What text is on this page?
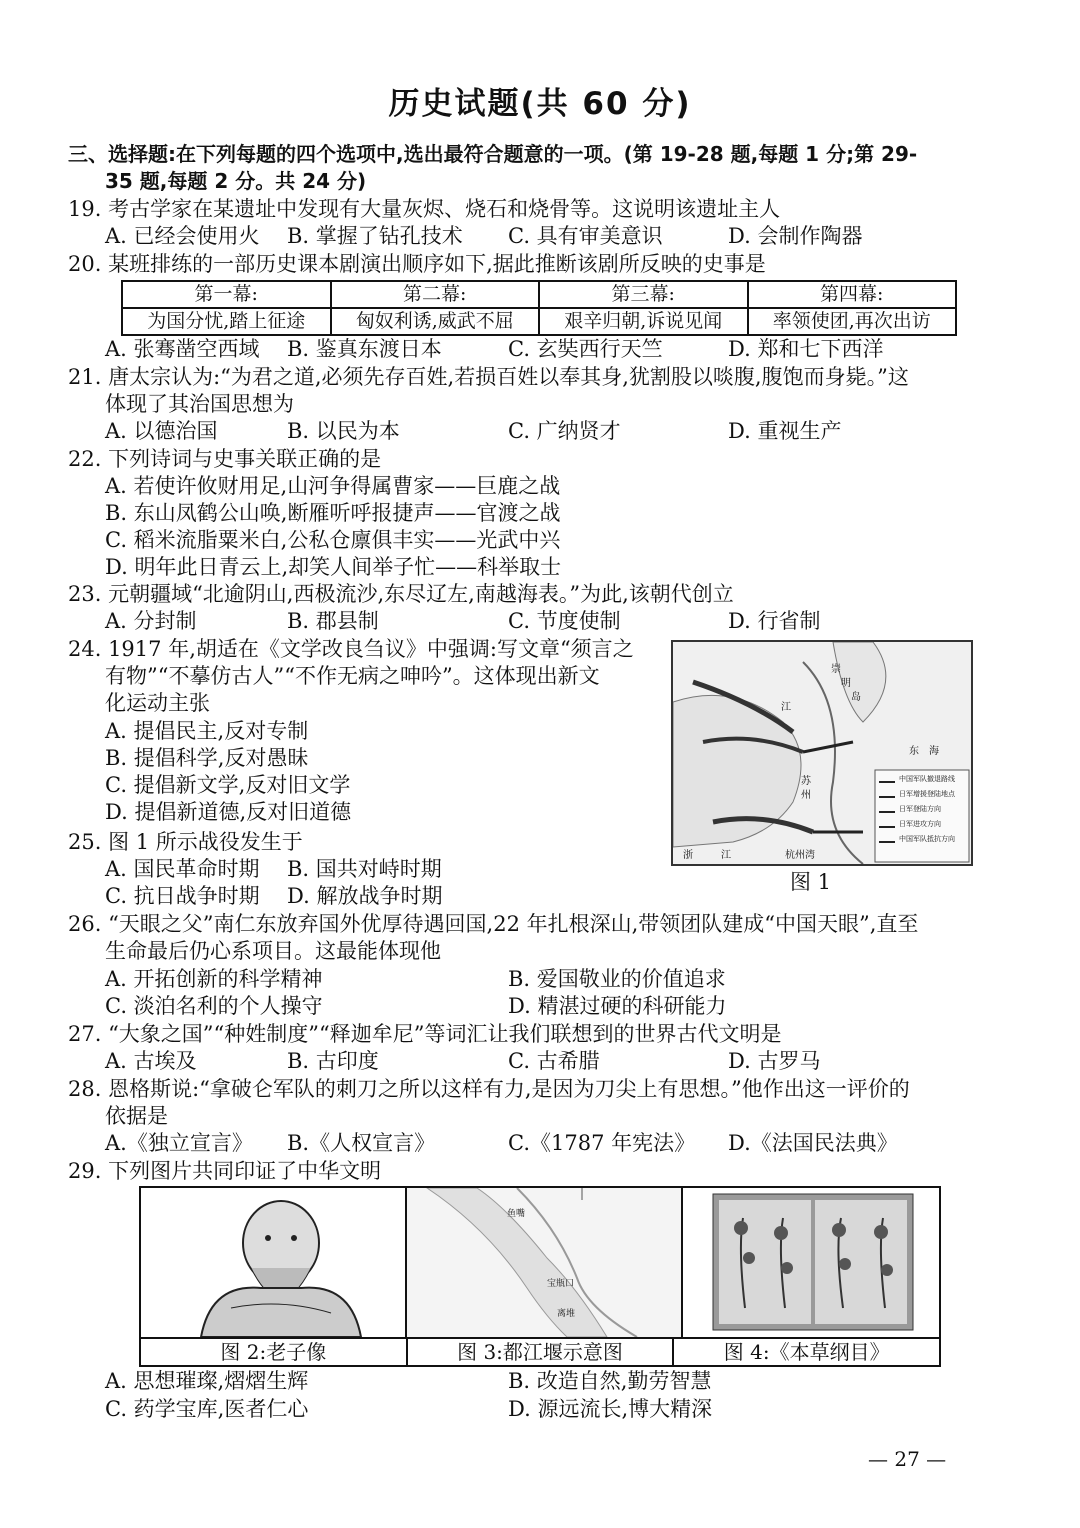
历史试题(共 60 分)
三、选择题:在下列每题的四个选项中,选出最符合题意的一项。(第 19-28 题,每题 1 分;第 29-
35 题,每题 2 分。共 24 分)
19. 考古学家在某遗址中发现有大量灰烬、烧石和烧骨等。这说明该遗址主人
A. 已经会使用火 B. 掌握了钻孔技术 C. 具有审美意识	D. 会制作陶器
20. 某班排练的一部历史课本剧演出顺序如下,据此推断该剧所反映的史事是
第一幕:	第二幕:	第三幕:	第四幕:
为国分忧,踏上征途	匈奴利诱,威武不屈	艰辛归朝,诉说见闻	率领使团,再次出访
A. 张骞凿空西域 B. 鉴真东渡日本	C. 玄奘西行天竺	D. 郑和七下西洋
21. 唐太宗认为:“为君之道,必须先存百姓,若损百姓以奉其身,犹割股以啖腹,腹饱而身毙。”这
体现了其治国思想为
A. 以德治国	B. 以民为本	C. 广纳贤才	D. 重视生产
22. 下列诗词与史事关联正确的是
A. 若使许攸财用足,山河争得属曹家——巨鹿之战
B. 东山凤鹤公山唤,断雁听呼报捷声——官渡之战
C. 稻米流脂粟米白,公私仓廪俱丰实——光武中兴
D. 明年此日青云上,却笑人间举子忙——科举取士
23. 元朝疆域“北逾阴山,西极流沙,东尽辽左,南越海表。”为此,该朝代创立
A. 分封制	B. 郡县制	C. 节度使制	D. 行省制
24. 1917 年,胡适在《文学改良刍议》中强调:写文章“须言之
有物”“不摹仿古人”“不作无病之呻吟”。这体现出新文
化运动主张
A. 提倡民主,反对专制
B. 提倡科学,反对愚昧
C. 提倡新文学,反对旧文学
D. 提倡新道德,反对旧道德
崇
明
岛
江
东 海
苏
州
杭州湾
浙	江
中国军队撤退路线
日军增援登陆地点
日军登陆方向
日军进攻方向
中国军队抵抗方向
图 1
25. 图 1 所示战役发生于
A. 国民革命时期 B. 国共对峙时期
C. 抗日战争时期 D. 解放战争时期
26. “天眼之父”南仁东放弃国外优厚待遇回国,22 年扎根深山,带领团队建成“中国天眼”,直至
生命最后仍心系项目。这最能体现他
A. 开拓创新的科学精神	B. 爱国敬业的价值追求
C. 淡泊名利的个人操守	D. 精湛过硬的科研能力
27. “大象之国”“种姓制度”“释迦牟尼”等词汇让我们联想到的世界古代文明是
A. 古埃及	B. 古印度	C. 古希腊	D. 古罗马
28. 恩格斯说:“拿破仑军队的刺刀之所以这样有力,是因为刀尖上有思想。”他作出这一评价的
依据是
A.《独立宣言》 B.《人权宣言》	C.《1787 年宪法》 D.《法国民法典》
29. 下列图片共同印证了中华文明
鱼嘴
宝瓶口
离堆
图 2:老子像	图 3:都江堰示意图	图 4:《本草纲目》
A. 思想璀璨,熠熠生辉	B. 改造自然,勤劳智慧
C. 药学宝库,医者仁心	D. 源远流长,博大精深
— 27 —
